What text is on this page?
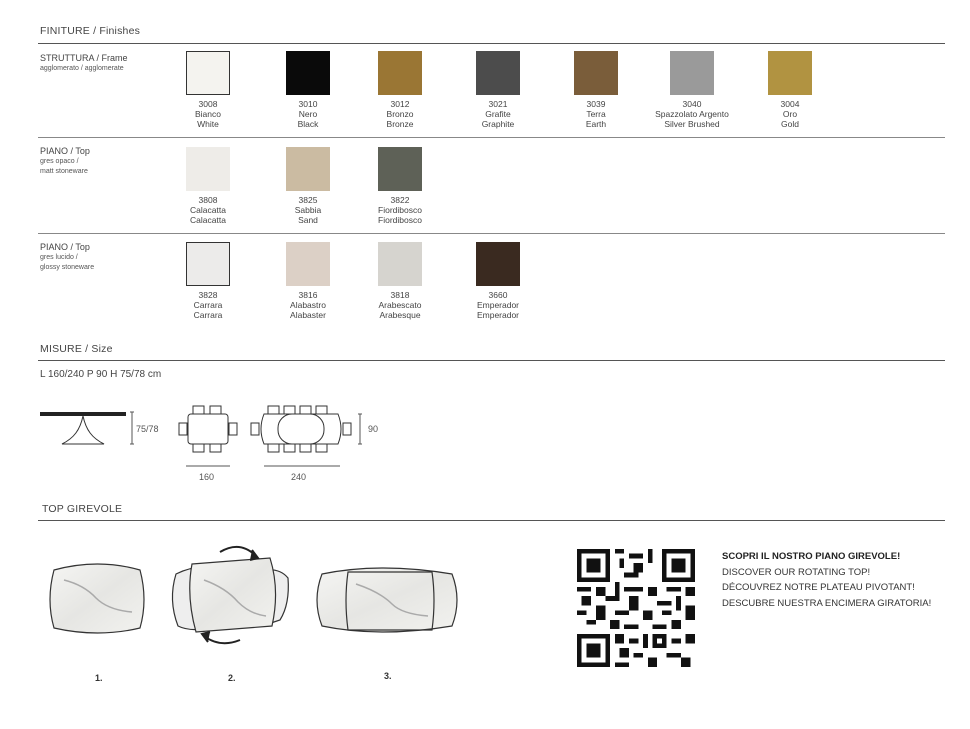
FINITURE / Finishes
STRUTTURA / Frame
agglomerato / agglomerate
3008
Bianco
White
3010
Nero
Black
3012
Bronzo
Bronze
3021
Grafite
Graphite
3039
Terra
Earth
3040
Spazzolato Argento
Silver Brushed
3004
Oro
Gold
PIANO / Top
gres opaco /
matt stoneware
3808
Calacatta
Calacatta
3825
Sabbia
Sand
3822
Fiordibosco
Fiordibosco
PIANO / Top
gres lucido /
glossy stoneware
3828
Carrara
Carrara
3816
Alabastro
Alabaster
3818
Arabescato
Arabesque
3660
Emperador
Emperador
MISURE / Size
L 160/240 P 90 H 75/78 cm
75/78	90
160	240
TOP GIREVOLE
1.	2.	3.
SCOPRI IL NOSTRO PIANO GIREVOLE!
DISCOVER OUR ROTATING TOP!
DÉCOUVREZ NOTRE PLATEAU PIVOTANT!
DESCUBRE NUESTRA ENCIMERA GIRATORIA!
